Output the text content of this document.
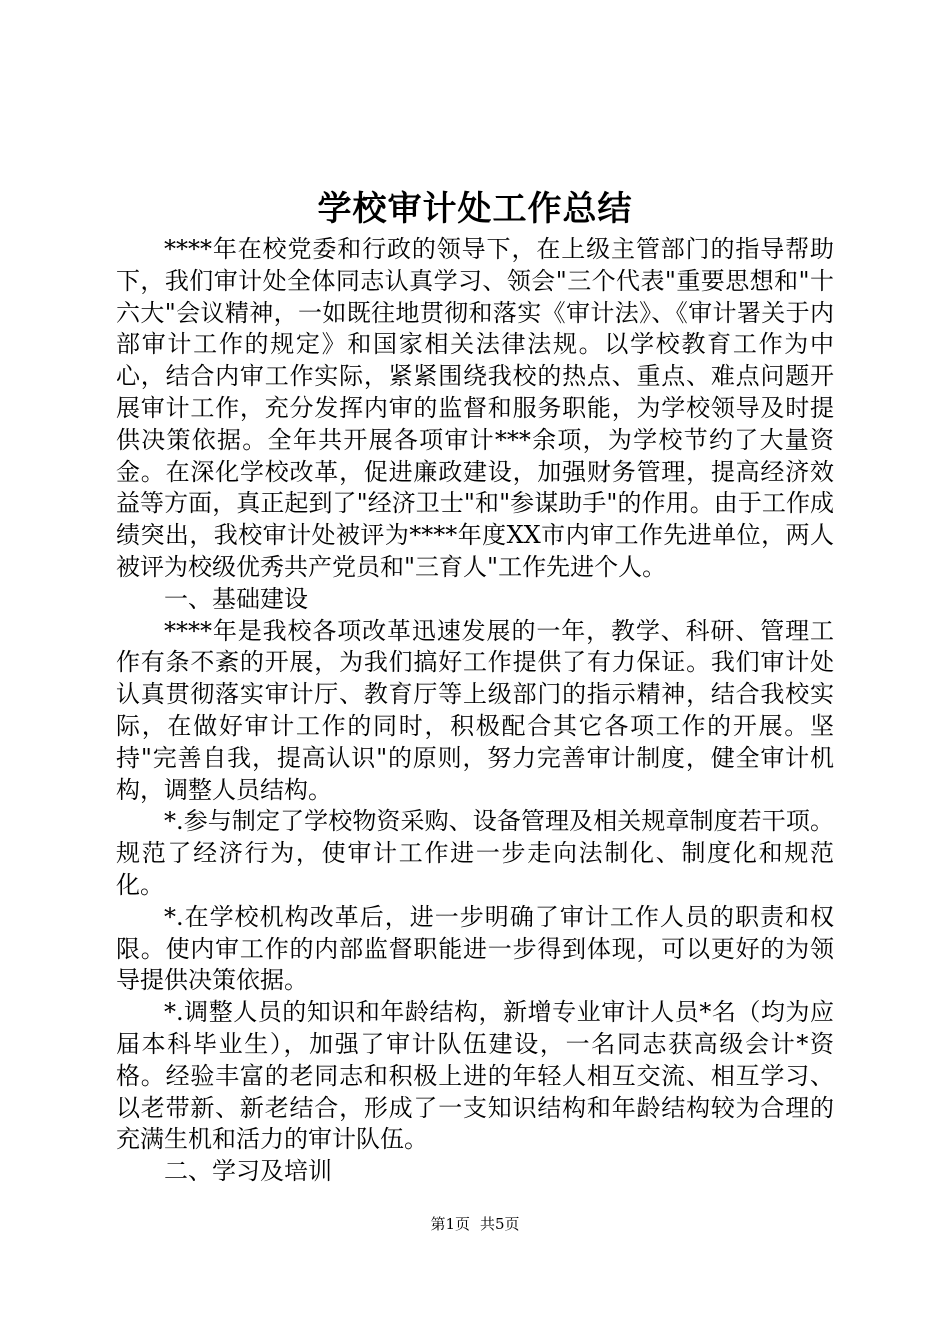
学校审计处工作总结

****年在校党委和行政的领导下，在上级主管部门的指导帮助下，我们审计处全体同志认真学习、领会"三个代表"重要思想和"十六大"会议精神，一如既往地贯彻和落实《审计法》、《审计署关于内部审计工作的规定》和国家相关法律法规。以学校教育工作为中心，结合内审工作实际，紧紧围绕我校的热点、重点、难点问题开展审计工作，充分发挥内审的监督和服务职能，为学校领导及时提供决策依据。全年共开展各项审计***余项，为学校节约了大量资金。在深化学校改革，促进廉政建设，加强财务管理，提高经济效益等方面，真正起到了"经济卫士"和"参谋助手"的作用。由于工作成绩突出，我校审计处被评为****年度XX市内审工作先进单位，两人被评为校级优秀共产党员和"三育人"工作先进个人。

一、基础建设

****年是我校各项改革迅速发展的一年，教学、科研、管理工作有条不紊的开展，为我们搞好工作提供了有力保证。我们审计处认真贯彻落实审计厅、教育厅等上级部门的指示精神，结合我校实际，在做好审计工作的同时，积极配合其它各项工作的开展。坚持"完善自我，提高认识"的原则，努力完善审计制度，健全审计机构，调整人员结构。

*.参与制定了学校物资采购、设备管理及相关规章制度若干项。规范了经济行为，使审计工作进一步走向法制化、制度化和规范化。

*.在学校机构改革后，进一步明确了审计工作人员的职责和权限。使内审工作的内部监督职能进一步得到体现，可以更好的为领导提供决策依据。

*.调整人员的知识和年龄结构，新增专业审计人员*名（均为应届本科毕业生），加强了审计队伍建设，一名同志获高级会计*资格。经验丰富的老同志和积极上进的年轻人相互交流、相互学习、以老带新、新老结合，形成了一支知识结构和年龄结构较为合理的充满生机和活力的审计队伍。

二、学习及培训

第1页 共5页
